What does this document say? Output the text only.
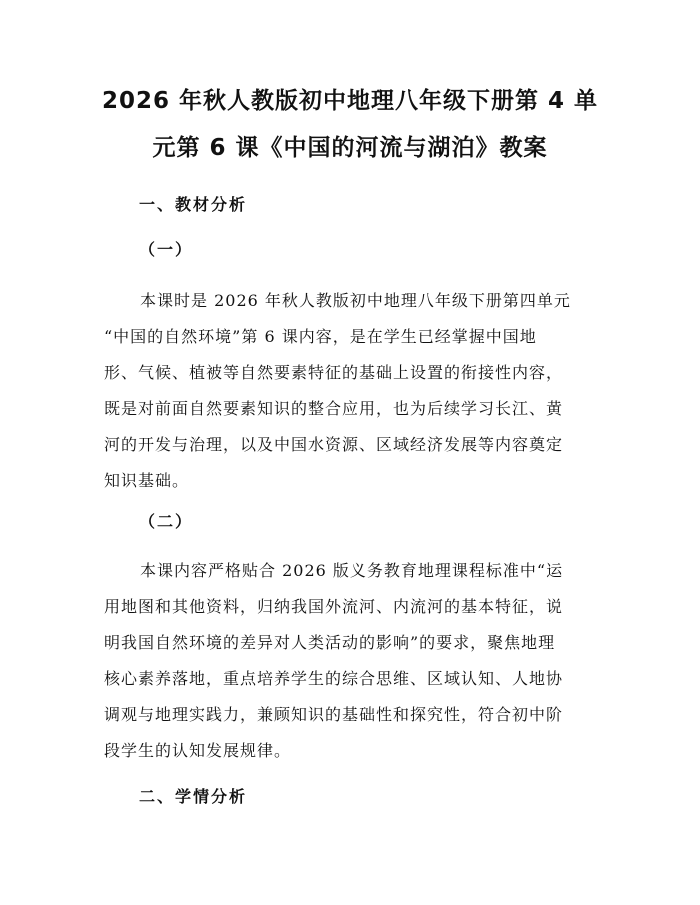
2026 年秋人教版初中地理八年级下册第 4 单
元第 6 课《中国的河流与湖泊》教案
一、教材分析
（一）
本课时是 2026 年秋人教版初中地理八年级下册第四单元
“中国的自然环境”第 6 课内容，是在学生已经掌握中国地
形、气候、植被等自然要素特征的基础上设置的衔接性内容，
既是对前面自然要素知识的整合应用，也为后续学习长江、黄
河的开发与治理，以及中国水资源、区域经济发展等内容奠定
知识基础。
（二）
本课内容严格贴合 2026 版义务教育地理课程标准中“运
用地图和其他资料，归纳我国外流河、内流河的基本特征，说
明我国自然环境的差异对人类活动的影响”的要求，聚焦地理
核心素养落地，重点培养学生的综合思维、区域认知、人地协
调观与地理实践力，兼顾知识的基础性和探究性，符合初中阶
段学生的认知发展规律。
二、学情分析
